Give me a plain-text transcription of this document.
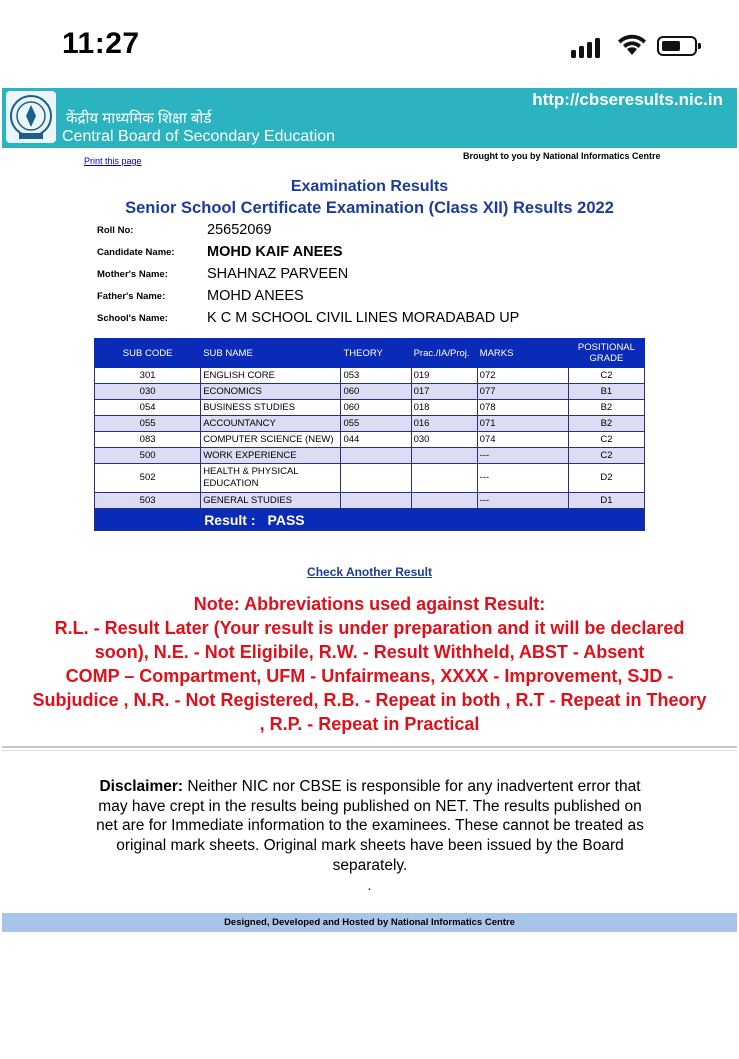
11:27
केंद्रीय माध्यमिक शिक्षा बोर्ड
Central Board of Secondary Education
http://cbseresults.nic.in
Print this page	Brought to you by National Informatics Centre
Examination Results
Senior School Certificate Examination (Class XII) Results 2022
Roll No:	25652069
Candidate Name: MOHD KAIF ANEES
Mother's Name:	SHAHNAZ PARVEEN
Father's Name:	MOHD ANEES
School's Name:	K C M SCHOOL CIVIL LINES MORADABAD UP
SUB CODE	SUB NAME	THEORY	Prac./IA/Proj.	MARKS	POSITIONAL GRADE
301	ENGLISH CORE	053	019	072	C2
030	ECONOMICS	060	017	077	B1
054	BUSINESS STUDIES	060	018	078	B2
055	ACCOUNTANCY	055	016	071	B2
083	COMPUTER SCIENCE (NEW)	044	030	074	C2
500	WORK EXPERIENCE			---	C2
502	HEALTH & PHYSICAL EDUCATION			---	D2
503	GENERAL STUDIES			---	D1
	Result : PASS				
Check Another Result
Note: Abbreviations used against Result:
R.L. - Result Later (Your result is under preparation and it will be declared
soon), N.E. - Not Eligibile, R.W. - Result Withheld, ABST - Absent
COMP – Compartment, UFM - Unfairmeans, XXXX - Improvement, SJD -
Subjudice , N.R. - Not Registered, R.B. - Repeat in both , R.T - Repeat in Theory
, R.P. - Repeat in Practical
Disclaimer: Neither NIC nor CBSE is responsible for any inadvertent error that may have crept in the results being published on NET. The results published on net are for Immediate information to the examinees. These cannot be treated as original mark sheets. Original mark sheets have been issued by the Board separately.
.
Designed, Developed and Hosted by National Informatics Centre
